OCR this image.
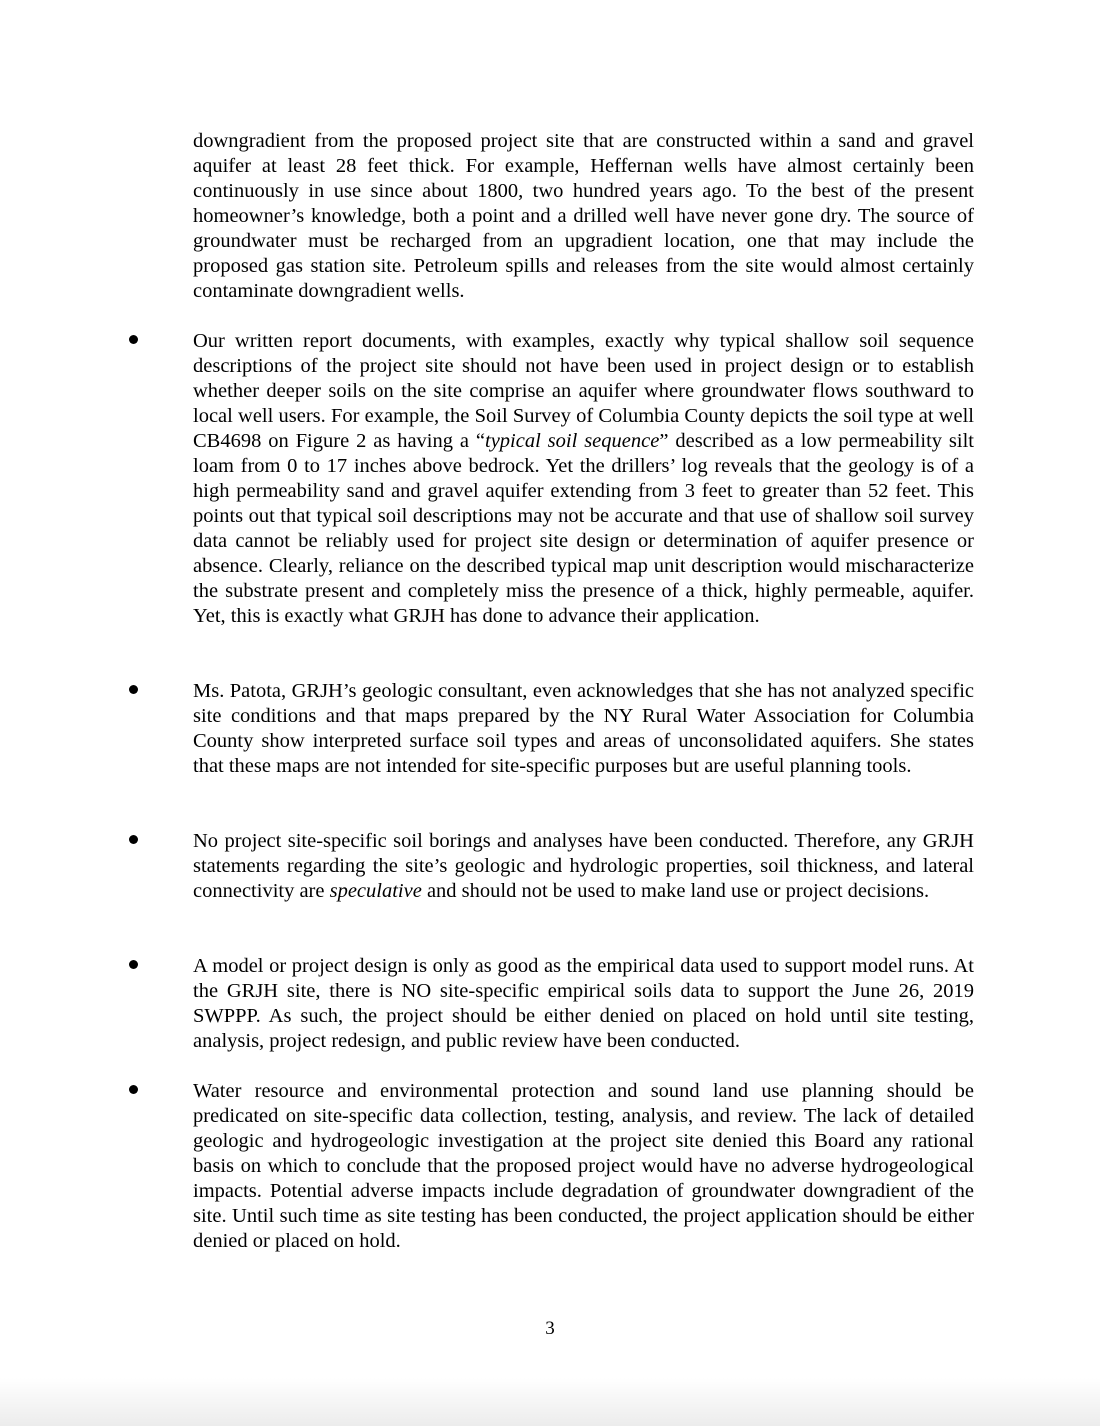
downgradient from the proposed project site that are constructed within a sand and gravel aquifer at least 28 feet thick. For example, Heffernan wells have almost certainly been continuously in use since about 1800, two hundred years ago. To the best of the present homeowner’s knowledge, both a point and a drilled well have never gone dry. The source of groundwater must be recharged from an upgradient location, one that may include the proposed gas station site. Petroleum spills and releases from the site would almost certainly contaminate downgradient wells.

Our written report documents, with examples, exactly why typical shallow soil sequence descriptions of the project site should not have been used in project design or to establish whether deeper soils on the site comprise an aquifer where groundwater flows southward to local well users. For example, the Soil Survey of Columbia County depicts the soil type at well CB4698 on Figure 2 as having a “typical soil sequence” described as a low permeability silt loam from 0 to 17 inches above bedrock. Yet the drillers’ log reveals that the geology is of a high permeability sand and gravel aquifer extending from 3 feet to greater than 52 feet. This points out that typical soil descriptions may not be accurate and that use of shallow soil survey data cannot be reliably used for project site design or determination of aquifer presence or absence. Clearly, reliance on the described typical map unit description would mischaracterize the substrate present and completely miss the presence of a thick, highly permeable, aquifer. Yet, this is exactly what GRJH has done to advance their application.

Ms. Patota, GRJH’s geologic consultant, even acknowledges that she has not analyzed specific site conditions and that maps prepared by the NY Rural Water Association for Columbia County show interpreted surface soil types and areas of unconsolidated aquifers. She states that these maps are not intended for site-specific purposes but are useful planning tools.

No project site-specific soil borings and analyses have been conducted. Therefore, any GRJH statements regarding the site’s geologic and hydrologic properties, soil thickness, and lateral connectivity are speculative and should not be used to make land use or project decisions.

A model or project design is only as good as the empirical data used to support model runs. At the GRJH site, there is NO site-specific empirical soils data to support the June 26, 2019 SWPPP. As such, the project should be either denied on placed on hold until site testing, analysis, project redesign, and public review have been conducted.

Water resource and environmental protection and sound land use planning should be predicated on site-specific data collection, testing, analysis, and review. The lack of detailed geologic and hydrogeologic investigation at the project site denied this Board any rational basis on which to conclude that the proposed project would have no adverse hydrogeological impacts. Potential adverse impacts include degradation of groundwater downgradient of the site. Until such time as site testing has been conducted, the project application should be either denied or placed on hold.

3
